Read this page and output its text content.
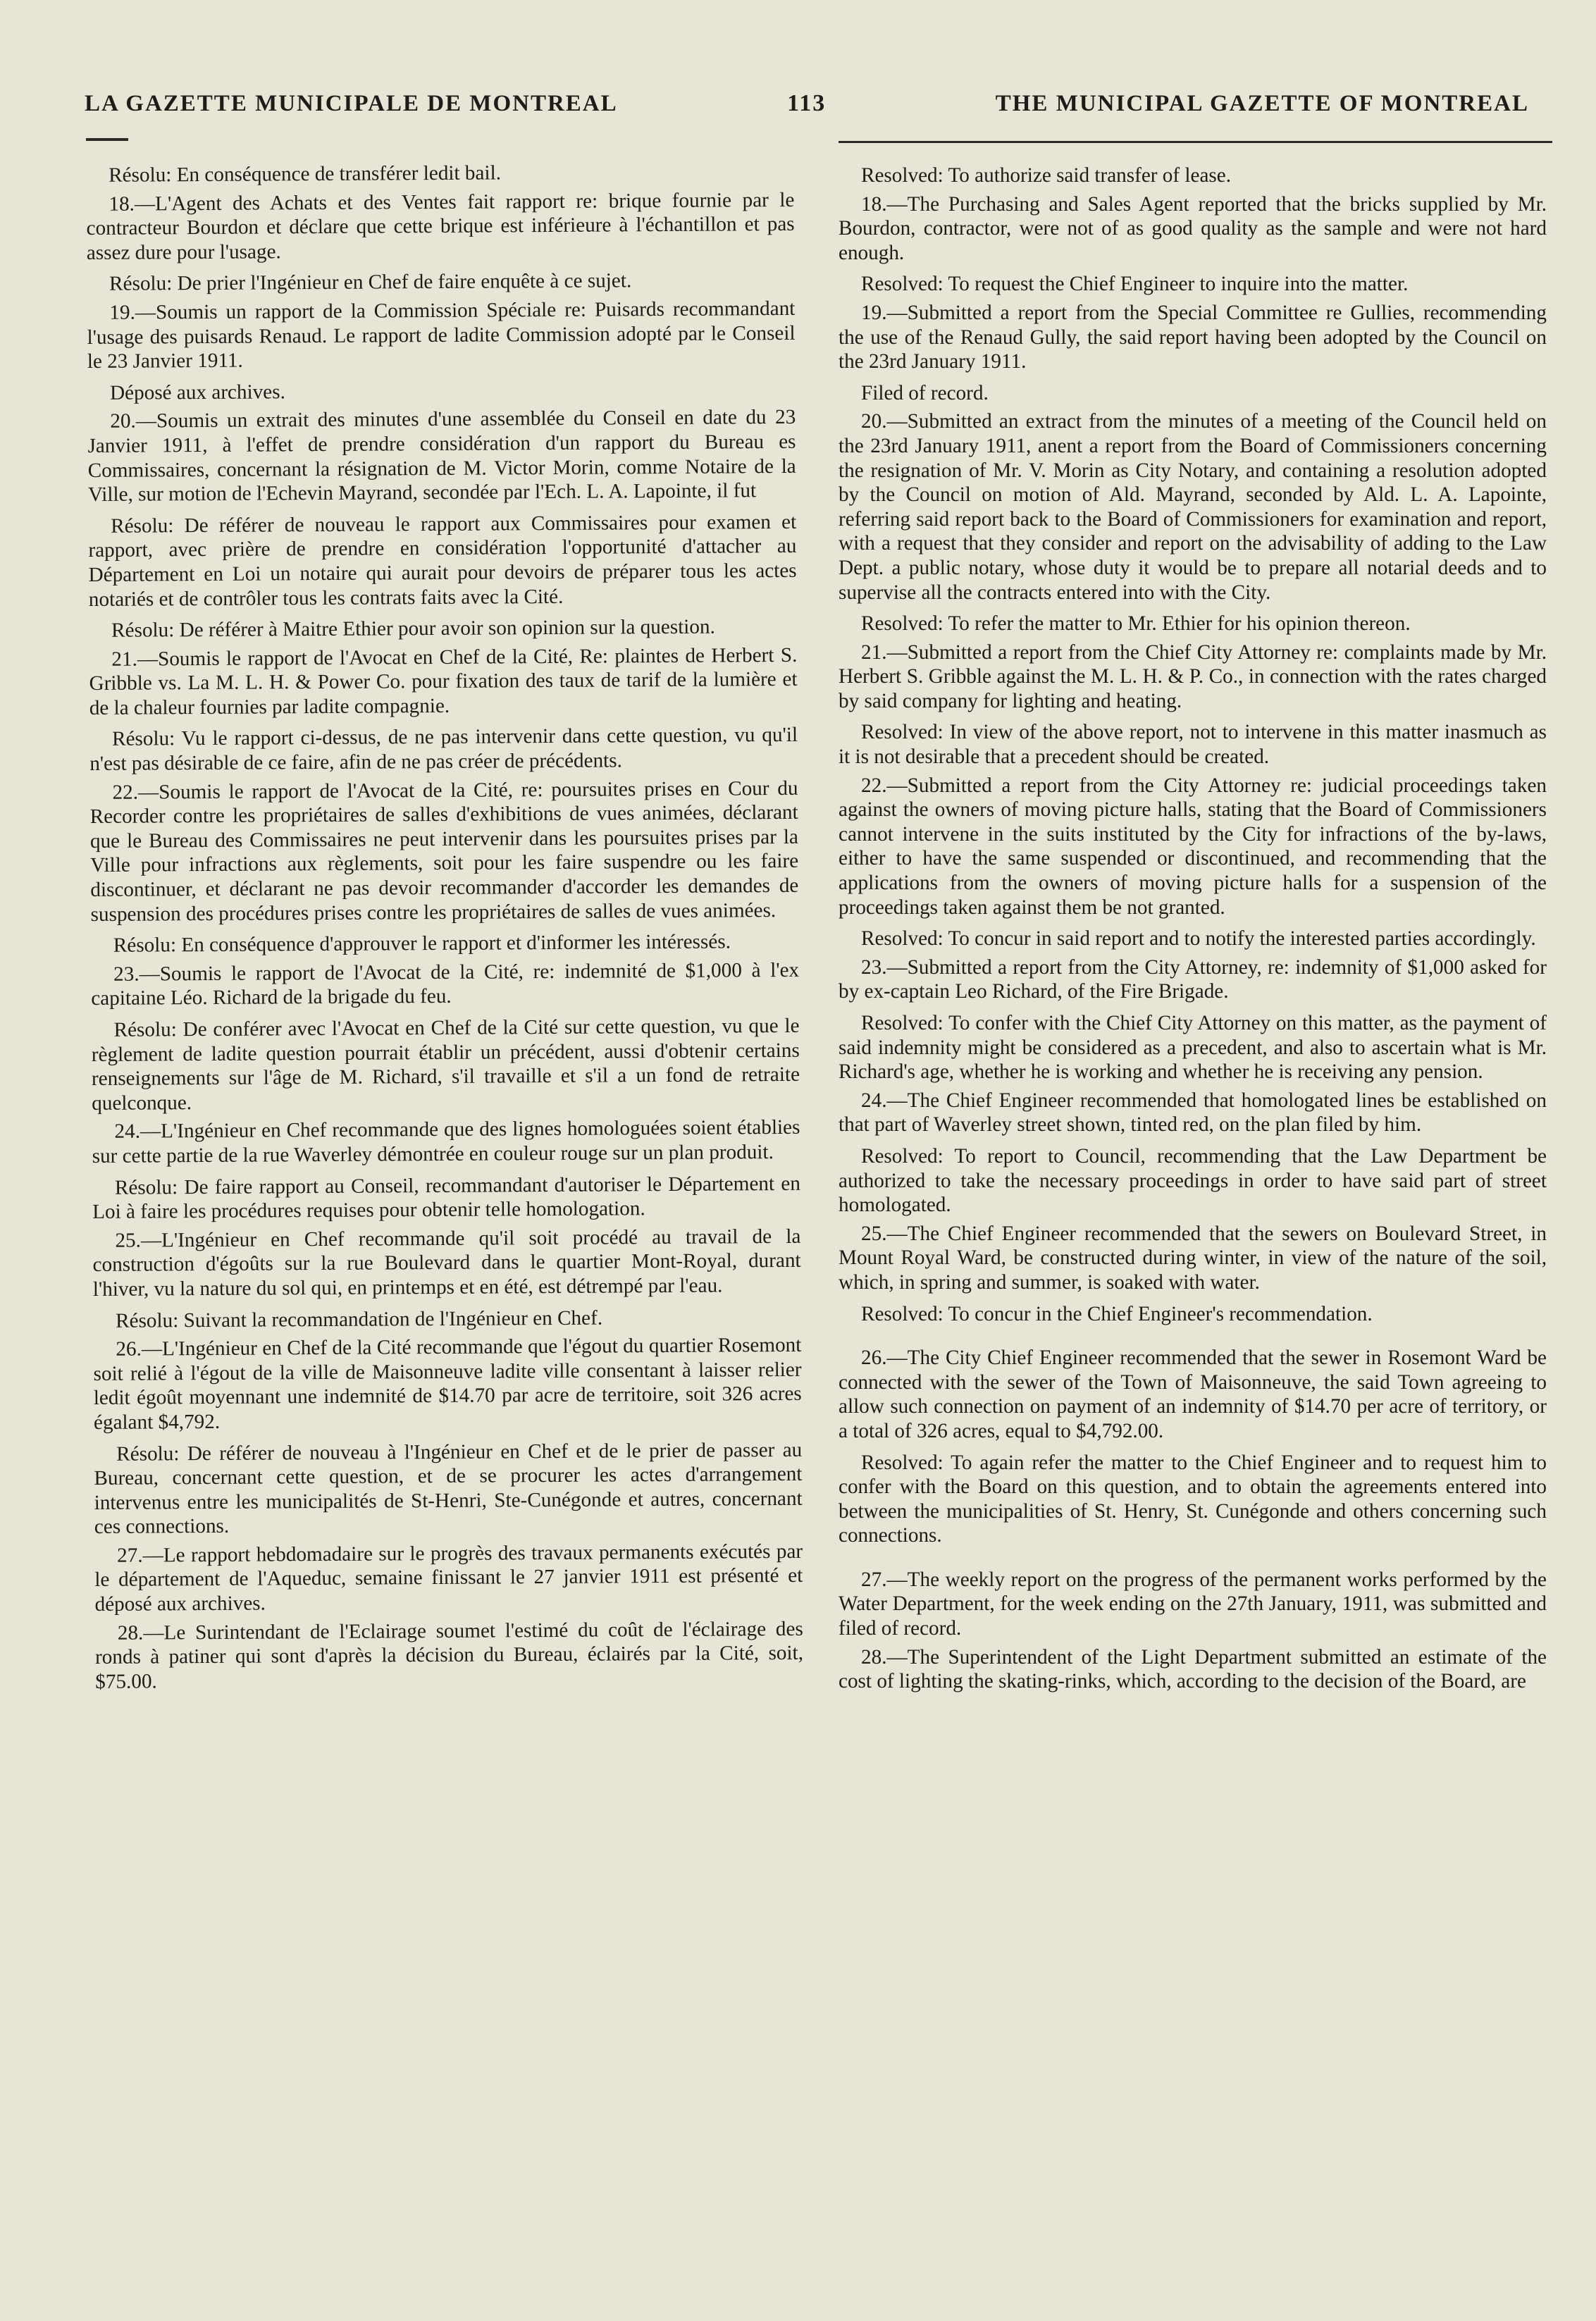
LA GAZETTE MUNICIPALE DE MONTREAL	113	THE MUNICIPAL GAZETTE OF MONTREAL

Résolu: En conséquence de transférer ledit bail.

18.—L'Agent des Achats et des Ventes fait rapport re: brique fournie par le contracteur Bourdon et déclare que cette brique est inférieure à l'échantillon et pas assez dure pour l'usage.

Résolu: De prier l'Ingénieur en Chef de faire enquête à ce sujet.

19.—Soumis un rapport de la Commission Spéciale re: Puisards recommandant l'usage des puisards Renaud. Le rapport de ladite Commission adopté par le Conseil le 23 Janvier 1911.

Déposé aux archives.

20.—Soumis un extrait des minutes d'une assemblée du Conseil en date du 23 Janvier 1911, à l'effet de prendre considération d'un rapport du Bureau es Commissaires, concernant la résignation de M. Victor Morin, comme Notaire de la Ville, sur motion de l'Echevin Mayrand, secondée par l'Ech. L. A. Lapointe, il fut

Résolu: De référer de nouveau le rapport aux Commissaires pour examen et rapport, avec prière de prendre en considération l'opportunité d'attacher au Département en Loi un notaire qui aurait pour devoirs de préparer tous les actes notariés et de contrôler tous les contrats faits avec la Cité.

Résolu: De référer à Maitre Ethier pour avoir son opinion sur la question.

21.—Soumis le rapport de l'Avocat en Chef de la Cité, Re: plaintes de Herbert S. Gribble vs. La M. L. H. & Power Co. pour fixation des taux de tarif de la lumière et de la chaleur fournies par ladite compagnie.

Résolu: Vu le rapport ci-dessus, de ne pas intervenir dans cette question, vu qu'il n'est pas désirable de ce faire, afin de ne pas créer de précédents.

22.—Soumis le rapport de l'Avocat de la Cité, re: poursuites prises en Cour du Recorder contre les propriétaires de salles d'exhibitions de vues animées, déclarant que le Bureau des Commissaires ne peut intervenir dans les poursuites prises par la Ville pour infractions aux règlements, soit pour les faire suspendre ou les faire discontinuer, et déclarant ne pas devoir recommander d'accorder les demandes de suspension des procédures prises contre les propriétaires de salles de vues animées.

Résolu: En conséquence d'approuver le rapport et d'informer les intéressés.

23.—Soumis le rapport de l'Avocat de la Cité, re: indemnité de $1,000 à l'ex capitaine Léo. Richard de la brigade du feu.

Résolu: De conférer avec l'Avocat en Chef de la Cité sur cette question, vu que le règlement de ladite question pourrait établir un précédent, aussi d'obtenir certains renseignements sur l'âge de M. Richard, s'il travaille et s'il a un fond de retraite quelconque.

24.—L'Ingénieur en Chef recommande que des lignes homologuées soient établies sur cette partie de la rue Waverley démontrée en couleur rouge sur un plan produit.

Résolu: De faire rapport au Conseil, recommandant d'autoriser le Département en Loi à faire les procédures requises pour obtenir telle homologation.

25.—L'Ingénieur en Chef recommande qu'il soit procédé au travail de la construction d'égoûts sur la rue Boulevard dans le quartier Mont-Royal, durant l'hiver, vu la nature du sol qui, en printemps et en été, est détrempé par l'eau.

Résolu: Suivant la recommandation de l'Ingénieur en Chef.

26.—L'Ingénieur en Chef de la Cité recommande que l'égout du quartier Rosemont soit relié à l'égout de la ville de Maisonneuve ladite ville consentant à laisser relier ledit égoût moyennant une indemnité de $14.70 par acre de territoire, soit 326 acres égalant $4,792.

Résolu: De référer de nouveau à l'Ingénieur en Chef et de le prier de passer au Bureau, concernant cette question, et de se procurer les actes d'arrangement intervenus entre les municipalités de St-Henri, Ste-Cunégonde et autres, concernant ces connections.

27.—Le rapport hebdomadaire sur le progrès des travaux permanents exécutés par le département de l'Aqueduc, semaine finissant le 27 janvier 1911 est présenté et déposé aux archives.

28.—Le Surintendant de l'Eclairage soumet l'estimé du coût de l'éclairage des ronds à patiner qui sont d'après la décision du Bureau, éclairés par la Cité, soit, $75.00.

Resolved: To authorize said transfer of lease.

18.—The Purchasing and Sales Agent reported that the bricks supplied by Mr. Bourdon, contractor, were not of as good quality as the sample and were not hard enough.

Resolved: To request the Chief Engineer to inquire into the matter.

19.—Submitted a report from the Special Committee re Gullies, recommending the use of the Renaud Gully, the said report having been adopted by the Council on the 23rd January 1911.

Filed of record.

20.—Submitted an extract from the minutes of a meeting of the Council held on the 23rd January 1911, anent a report from the Board of Commissioners concerning the resignation of Mr. V. Morin as City Notary, and containing a resolution adopted by the Council on motion of Ald. Mayrand, seconded by Ald. L. A. Lapointe, referring said report back to the Board of Commissioners for examination and report, with a request that they consider and report on the advisability of adding to the Law Dept. a public notary, whose duty it would be to prepare all notarial deeds and to supervise all the contracts entered into with the City.

Resolved: To refer the matter to Mr. Ethier for his opinion thereon.

21.—Submitted a report from the Chief City Attorney re: complaints made by Mr. Herbert S. Gribble against the M. L. H. & P. Co., in connection with the rates charged by said company for lighting and heating.

Resolved: In view of the above report, not to intervene in this matter inasmuch as it is not desirable that a precedent should be created.

22.—Submitted a report from the City Attorney re: judicial proceedings taken against the owners of moving picture halls, stating that the Board of Commissioners cannot intervene in the suits instituted by the City for infractions of the by-laws, either to have the same suspended or discontinued, and recommending that the applications from the owners of moving picture halls for a suspension of the proceedings taken against them be not granted.

Resolved: To concur in said report and to notify the interested parties accordingly.

23.—Submitted a report from the City Attorney, re: indemnity of $1,000 asked for by ex-captain Leo Richard, of the Fire Brigade.

Resolved: To confer with the Chief City Attorney on this matter, as the payment of said indemnity might be considered as a precedent, and also to ascertain what is Mr. Richard's age, whether he is working and whether he is receiving any pension.

24.—The Chief Engineer recommended that homologated lines be established on that part of Waverley street shown, tinted red, on the plan filed by him.

Resolved: To report to Council, recommending that the Law Department be authorized to take the necessary proceedings in order to have said part of street homologated.

25.—The Chief Engineer recommended that the sewers on Boulevard Street, in Mount Royal Ward, be constructed during winter, in view of the nature of the soil, which, in spring and summer, is soaked with water.

Resolved: To concur in the Chief Engineer's recommendation.

26.—The City Chief Engineer recommended that the sewer in Rosemont Ward be connected with the sewer of the Town of Maisonneuve, the said Town agreeing to allow such connection on payment of an indemnity of $14.70 per acre of territory, or a total of 326 acres, equal to $4,792.00.

Resolved: To again refer the matter to the Chief Engineer and to request him to confer with the Board on this question, and to obtain the agreements entered into between the municipalities of St. Henry, St. Cunégonde and others concerning such connections.

27.—The weekly report on the progress of the permanent works performed by the Water Department, for the week ending on the 27th January, 1911, was submitted and filed of record.

28.—The Superintendent of the Light Department submitted an estimate of the cost of lighting the skating-rinks, which, according to the decision of the Board, are
